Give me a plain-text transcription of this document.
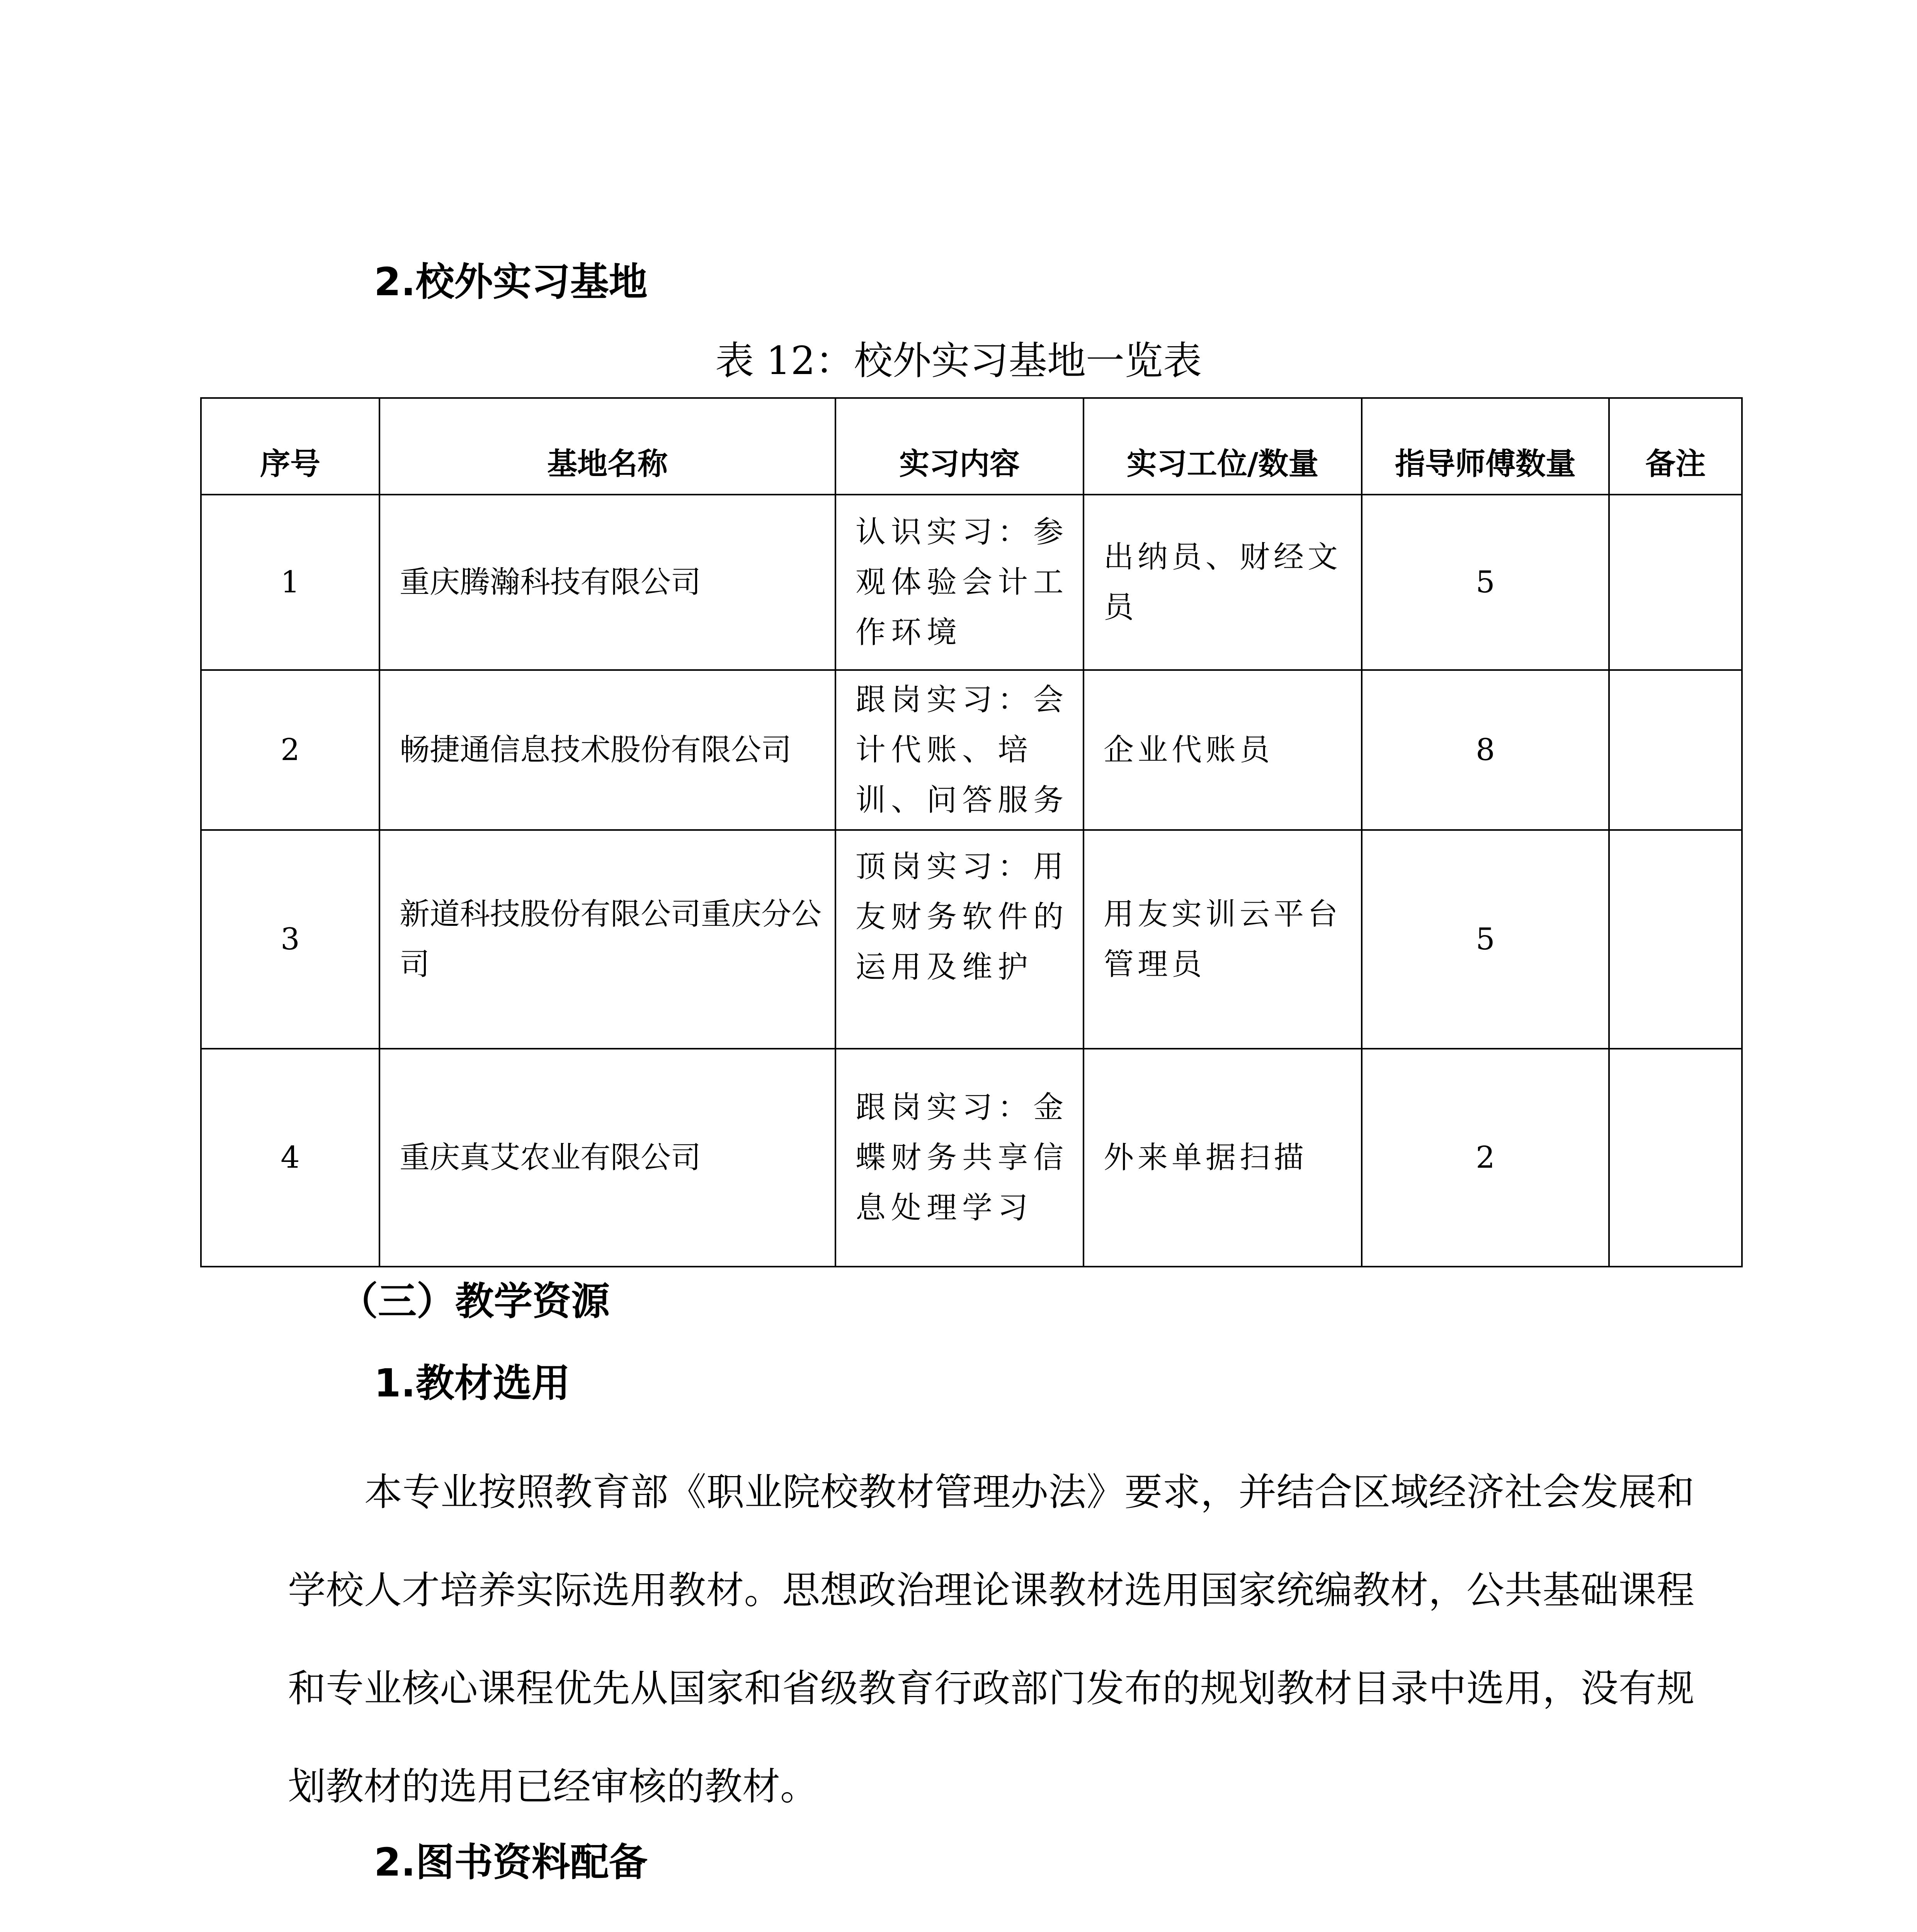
2.校外实习基地
表 12：校外实习基地一览表
序号	基地名称	实习内容	实习工位/数量	指导师傅数量	备注
1	重庆腾瀚科技有限公司	认识实习：参观体验会计工作环境	出纳员、财经文员	5	
2	畅捷通信息技术股份有限公司	跟岗实习：会计代账、培训、问答服务	企业代账员	8	
3	新道科技股份有限公司重庆分公司	顶岗实习：用友财务软件的运用及维护	用友实训云平台管理员	5	
4	重庆真艾农业有限公司	跟岗实习：金蝶财务共享信息处理学习	外来单据扫描	2	
（三）教学资源
1.教材选用
本专业按照教育部《职业院校教材管理办法》要求，并结合区域经济社会发展和学校人才培养实际选用教材。思想政治理论课教材选用国家统编教材，公共基础课程和专业核心课程优先从国家和省级教育行政部门发布的规划教材目录中选用，没有规划教材的选用已经审核的教材。
2.图书资料配备
